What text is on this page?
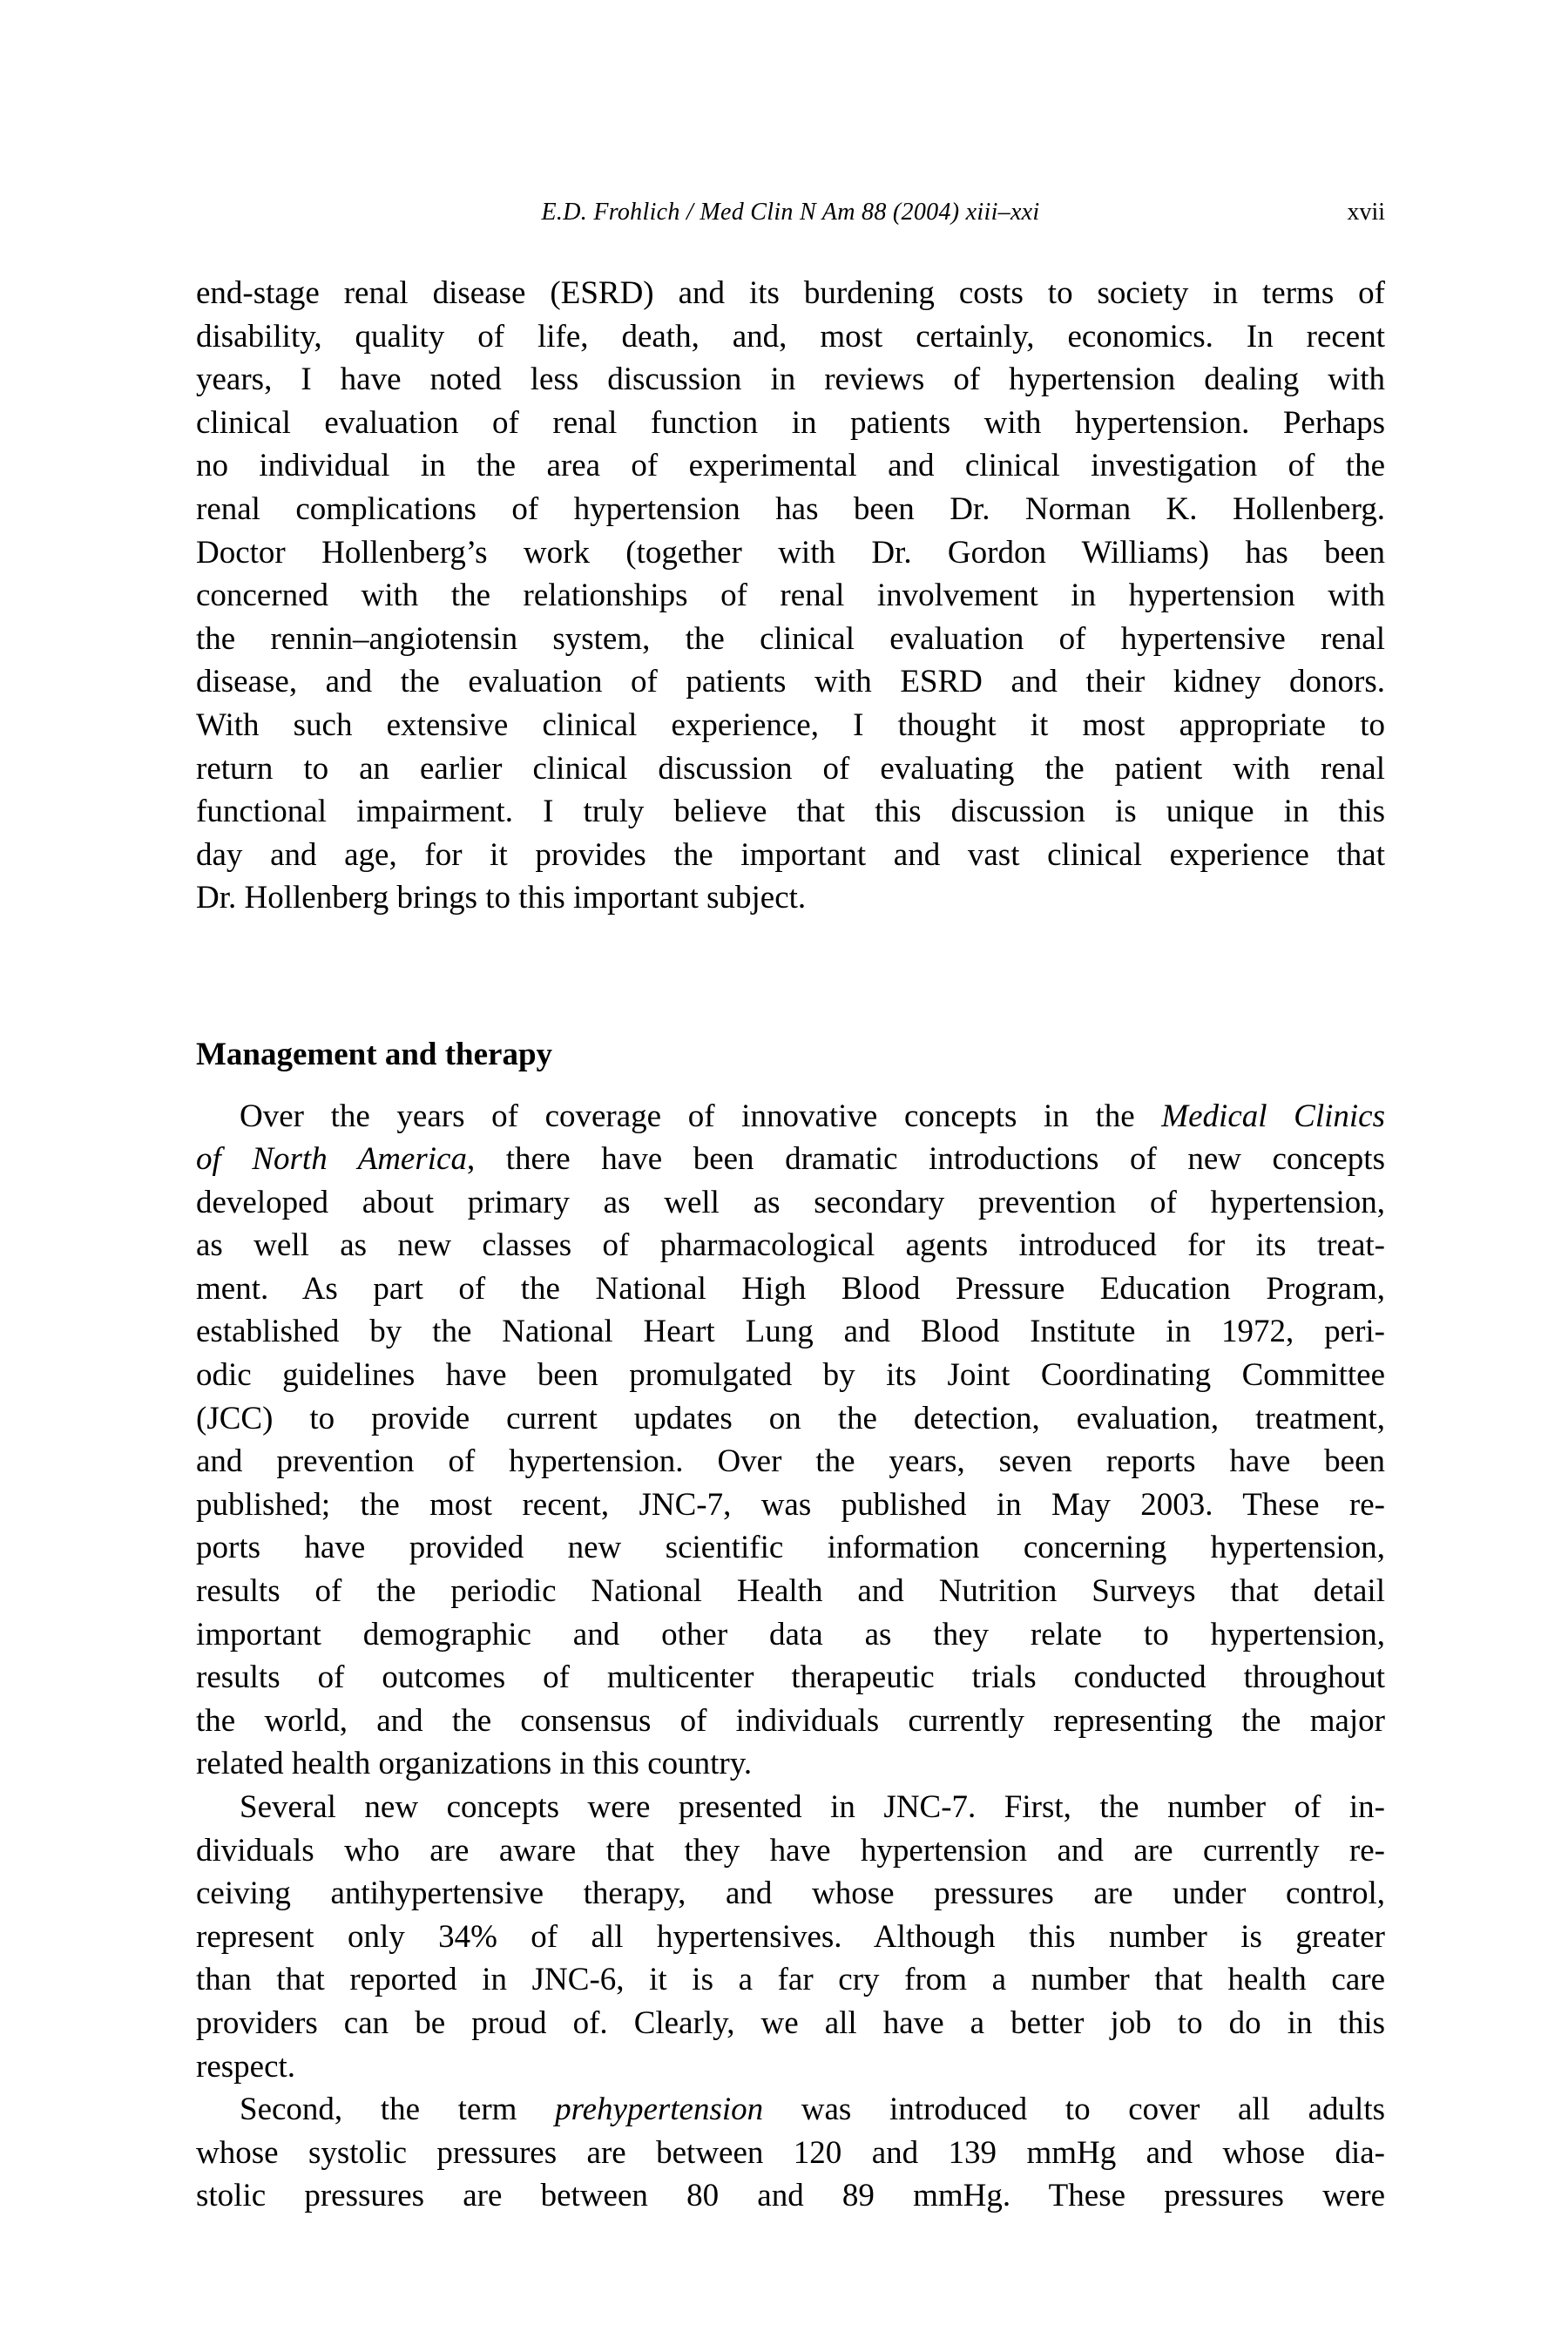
E.D. Frohlich / Med Clin N Am 88 (2004) xiii–xxi	xvii
end-stage renal disease (ESRD) and its burdening costs to society in terms of
disability, quality of life, death, and, most certainly, economics. In recent
years, I have noted less discussion in reviews of hypertension dealing with
clinical evaluation of renal function in patients with hypertension. Perhaps
no individual in the area of experimental and clinical investigation of the
renal complications of hypertension has been Dr. Norman K. Hollenberg.
Doctor Hollenberg’s work (together with Dr. Gordon Williams) has been
concerned with the relationships of renal involvement in hypertension with
the rennin–angiotensin system, the clinical evaluation of hypertensive renal
disease, and the evaluation of patients with ESRD and their kidney donors.
With such extensive clinical experience, I thought it most appropriate to
return to an earlier clinical discussion of evaluating the patient with renal
functional impairment. I truly believe that this discussion is unique in this
day and age, for it provides the important and vast clinical experience that
Dr. Hollenberg brings to this important subject.
Management and therapy
Over the years of coverage of innovative concepts in the Medical Clinics
of North America, there have been dramatic introductions of new concepts
developed about primary as well as secondary prevention of hypertension,
as well as new classes of pharmacological agents introduced for its treat-
ment. As part of the National High Blood Pressure Education Program,
established by the National Heart Lung and Blood Institute in 1972, peri-
odic guidelines have been promulgated by its Joint Coordinating Committee
(JCC) to provide current updates on the detection, evaluation, treatment,
and prevention of hypertension. Over the years, seven reports have been
published; the most recent, JNC-7, was published in May 2003. These re-
ports have provided new scientific information concerning hypertension,
results of the periodic National Health and Nutrition Surveys that detail
important demographic and other data as they relate to hypertension,
results of outcomes of multicenter therapeutic trials conducted throughout
the world, and the consensus of individuals currently representing the major
related health organizations in this country.
Several new concepts were presented in JNC-7. First, the number of in-
dividuals who are aware that they have hypertension and are currently re-
ceiving antihypertensive therapy, and whose pressures are under control,
represent only 34% of all hypertensives. Although this number is greater
than that reported in JNC-6, it is a far cry from a number that health care
providers can be proud of. Clearly, we all have a better job to do in this
respect.
Second, the term prehypertension was introduced to cover all adults
whose systolic pressures are between 120 and 139 mmHg and whose dia-
stolic pressures are between 80 and 89 mmHg. These pressures were
